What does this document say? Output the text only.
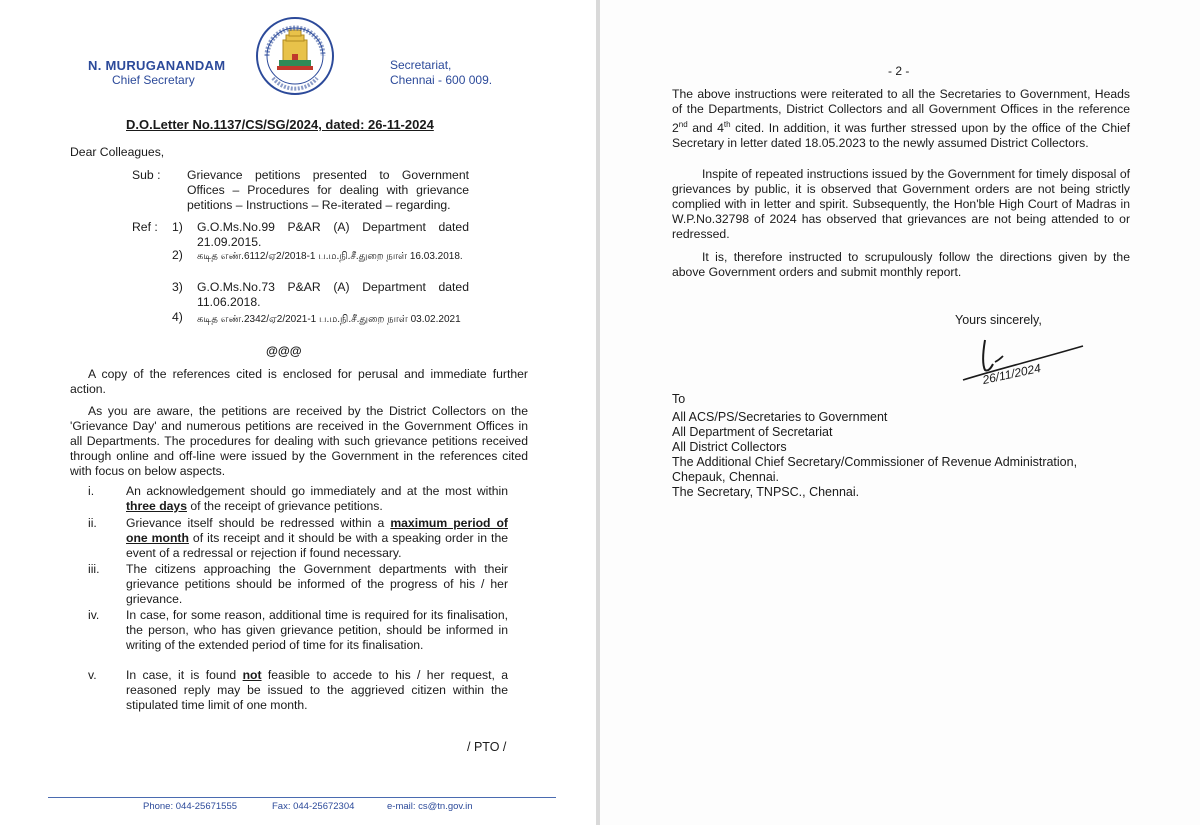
N. MURUGANANDAM
Chief Secretary
Secretariat,
Chennai - 600 009.
D.O.Letter No.1137/CS/SG/2024, dated: 26-11-2024
Dear Colleagues,
Sub : Grievance petitions presented to Government Offices – Procedures for dealing with grievance petitions – Instructions – Re-iterated – regarding.
Ref : 1) G.O.Ms.No.99 P&AR (A) Department dated 21.09.2015.
2) கடித எண்.6112/ஏ2/2018-1 ப.ம.நி.சீ.துறை நாள் 16.03.2018.
3) G.O.Ms.No.73 P&AR (A) Department dated 11.06.2018.
4) கடித எண்.2342/ஏ2/2021-1 ப.ம.நி.சீ.துறை நாள் 03.02.2021
@@@
A copy of the references cited is enclosed for perusal and immediate further action.
As you are aware, the petitions are received by the District Collectors on the 'Grievance Day' and numerous petitions are received in the Government Offices in all Departments. The procedures for dealing with such grievance petitions received through online and off-line were issued by the Government in the references cited with focus on below aspects.
i.	An acknowledgement should go immediately and at the most within three days of the receipt of grievance petitions.
ii. Grievance itself should be redressed within a maximum period of one month of its receipt and it should be with a speaking order in the event of a redressal or rejection if found necessary.
iii. The citizens approaching the Government departments with their grievance petitions should be informed of the progress of his / her grievance.
iv. In case, for some reason, additional time is required for its finalisation, the person, who has given grievance petition, should be informed in writing of the extended period of time for its finalisation.
v. In case, it is found not feasible to accede to his / her request, a reasoned reply may be issued to the aggrieved citizen within the stipulated time limit of one month.
/ PTO /
Phone: 044-25671555	Fax: 044-25672304	e-mail: cs@tn.gov.in
- 2 -
The above instructions were reiterated to all the Secretaries to Government, Heads of the Departments, District Collectors and all Government Offices in the reference 2nd and 4th cited. In addition, it was further stressed upon by the office of the Chief Secretary in letter dated 18.05.2023 to the newly assumed District Collectors.
Inspite of repeated instructions issued by the Government for timely disposal of grievances by public, it is observed that Government orders are not being strictly complied with in letter and spirit. Subsequently, the Hon'ble High Court of Madras in W.P.No.32798 of 2024 has observed that grievances are not being attended to or redressed.
It is, therefore instructed to scrupulously follow the directions given by the above Government orders and submit monthly report.
Yours sincerely,
26/11/2024
To
All ACS/PS/Secretaries to Government
All Department of Secretariat
All District Collectors
The Additional Chief Secretary/Commissioner of Revenue Administration,
Chepauk, Chennai.
The Secretary, TNPSC., Chennai.
